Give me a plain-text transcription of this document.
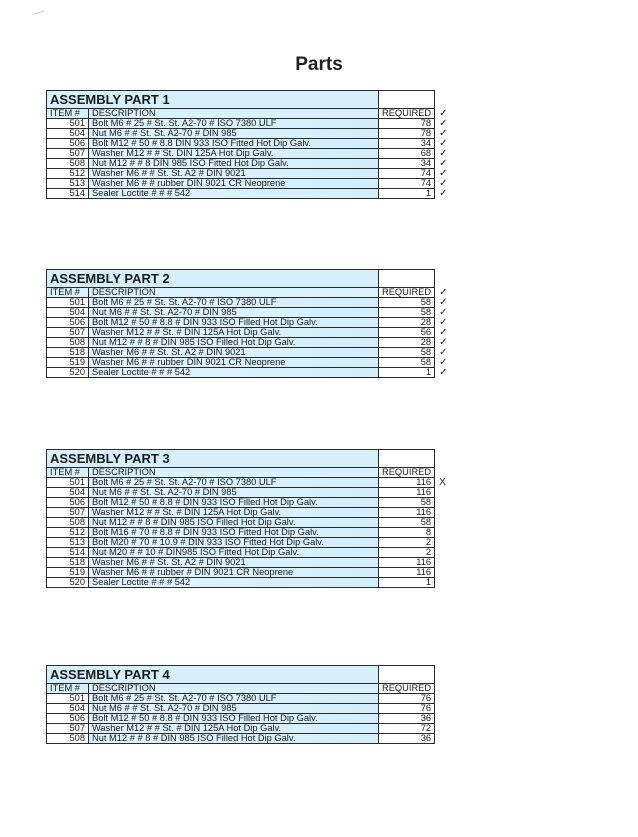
Parts
ASSEMBLY PART 1			
ITEM #	DESCRIPTION	REQUIRED	✓
501	Bolt M6 # 25 # St. St. A2-70 # ISO 7380 ULF	78	✓
504	Nut M6 # # St. St. A2-70 # DIN 985	78	✓
506	Bolt M12 # 50 # 8.8 DIN 933 ISO Fitted Hot Dip Galv.	34	✓
507	Washer M12 # # St. DIN 125A Hot Dip Galv.	68	✓
508	Nut M12 # # 8 DIN 985 ISO Fitted Hot Dip Galv.	34	✓
512	Washer M6 # # St. St. A2 # DIN 9021	74	✓
513	Washer M6 # # rubber DIN 9021 CR Neoprene	74	✓
514	Sealer Loctite # # # 542	1	✓
ASSEMBLY PART 2			
ITEM #	DESCRIPTION	REQUIRED	✓
501	Bolt M6 # 25 # St. St. A2-70 # ISO 7380 ULF	58	✓
504	Nut M6 # # St. St. A2-70 # DIN 985	58	✓
506	Bolt M12 # 50 # 8.8 # DIN 933 ISO Filled Hot Dip Galv.	28	✓
507	Washer M12 # # St. # DIN 125A Hot Dip Galv.	56	✓
508	Nut M12 # # 8 # DIN 985 ISO Filled Hot Dip Galv.	28	✓
518	Washer M6 # # St. St. A2 # DIN 9021	58	✓
519	Washer M6 # # rubber DIN 9021 CR Neoprene	58	✓
520	Sealer Loctite # # # 542	1	✓
ASSEMBLY PART 3			
ITEM #	DESCRIPTION	REQUIRED	
501	Bolt M6 # 25 # St. St. A2-70 # ISO 7380 ULF	116	X
504	Nut M6 # # St. St. A2-70 # DIN 985	116	
506	Bolt M12 # 50 # 8.8 # DIN 933 ISO Filled Hot Dip Galv.	58	
507	Washer M12 # # St. # DIN 125A Hot Dip Galv.	116	
508	Nut M12 # # 8 # DIN 985 ISO Filled Hot Dip Galv.	58	
512	Bolt M16 # 70 # 8.8 # DIN 933 ISO Fitted Hot Dip Galv.	8	
513	Bolt M20 # 70 # 10.9 # DIN 933 ISO Fitted Hot Dip Galv.	2	
514	Nut M20 # # 10 # DIN985 ISO Fitted Hot Dip Galv.	2	
518	Washer M6 # # St. St. A2 # DIN 9021	116	
519	Washer M6 # # rubber # DIN 9021 CR Neoprene	116	
520	Sealer Loctite # # # 542	1	
ASSEMBLY PART 4			
ITEM #	DESCRIPTION	REQUIRED	
501	Bolt M6 # 25 # St. St. A2-70 # ISO 7380 ULF	76	
504	Nut M6 # # St. St. A2-70 # DIN 985	76	
506	Bolt M12 # 50 # 8.8 # DIN 933 ISO Filled Hot Dip Galv.	36	
507	Washer M12 # # St. # DIN 125A Hot Dip Galv.	72	
508	Nut M12 # # 8 # DIN 985 ISO Filled Hot Dip Galv.	36	
